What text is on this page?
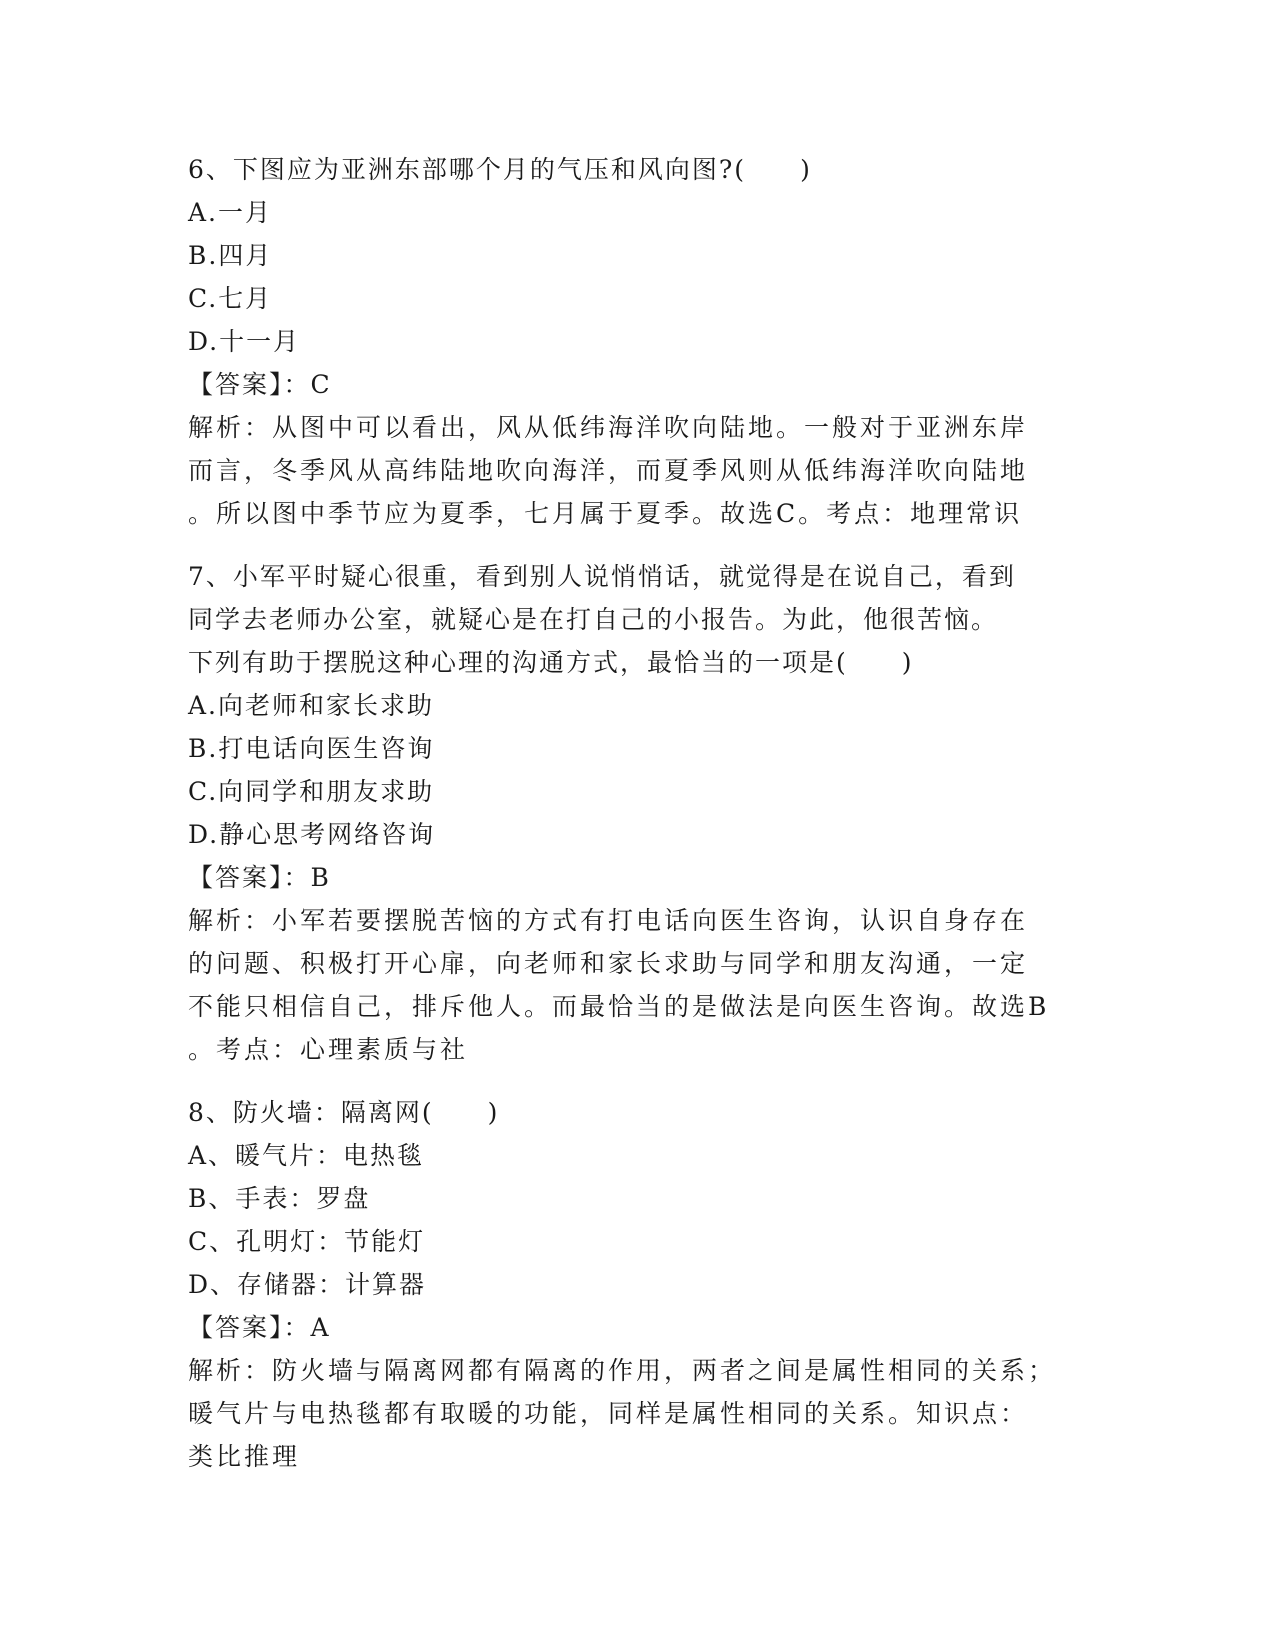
6、下图应为亚洲东部哪个月的气压和风向图?(　　)
A.一月
B.四月
C.七月
D.十一月
【答案】：C
解析：从图中可以看出，风从低纬海洋吹向陆地。一般对于亚洲东岸
而言，冬季风从高纬陆地吹向海洋，而夏季风则从低纬海洋吹向陆地
。所以图中季节应为夏季，七月属于夏季。故选C。考点：地理常识
7、小军平时疑心很重，看到别人说悄悄话，就觉得是在说自己，看到
同学去老师办公室，就疑心是在打自己的小报告。为此，他很苦恼。
下列有助于摆脱这种心理的沟通方式，最恰当的一项是(　　)
A.向老师和家长求助
B.打电话向医生咨询
C.向同学和朋友求助
D.静心思考网络咨询
【答案】：B
解析：小军若要摆脱苦恼的方式有打电话向医生咨询，认识自身存在
的问题、积极打开心扉，向老师和家长求助与同学和朋友沟通，一定
不能只相信自己，排斥他人。而最恰当的是做法是向医生咨询。故选B
。考点：心理素质与社
8、防火墙：隔离网(　　)
A、暖气片：电热毯
B、手表：罗盘
C、孔明灯：节能灯
D、存储器：计算器
【答案】：A
解析：防火墙与隔离网都有隔离的作用，两者之间是属性相同的关系；
暖气片与电热毯都有取暖的功能，同样是属性相同的关系。知识点：
类比推理
